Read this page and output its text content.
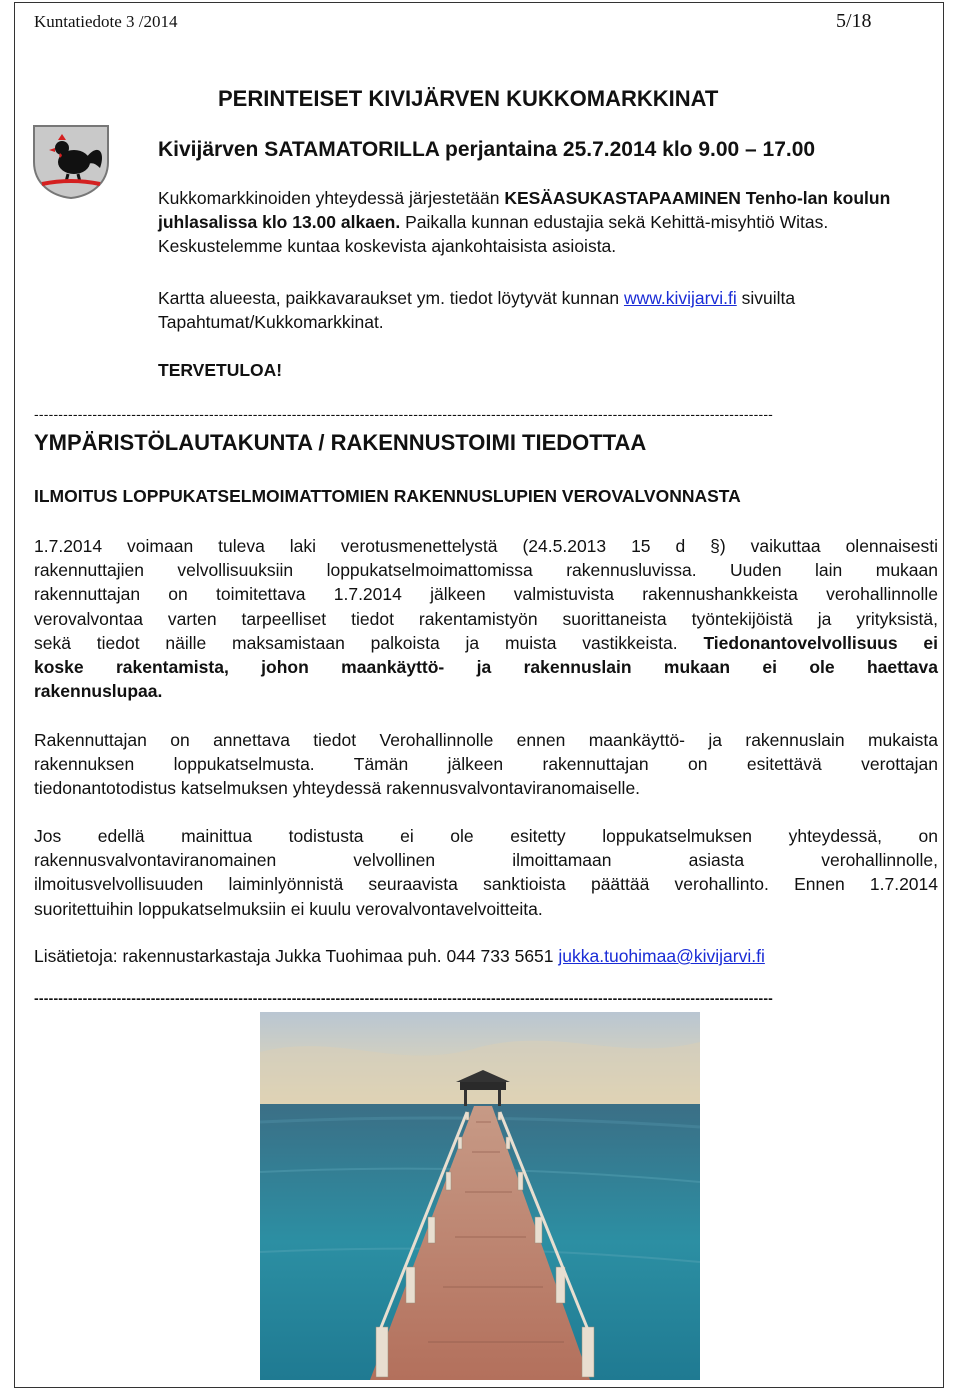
Kuntatiedote 3 /2014	5/18
PERINTEISET KIVIJÄRVEN KUKKOMARKKINAT
Kivijärven SATAMATORILLA perjantaina 25.7.2014 klo 9.00 – 17.00
Kukkomarkkinoiden yhteydessä järjestetään KESÄASUKASTAPAAMINEN Tenho-lan koulun juhlasalissa klo 13.00 alkaen. Paikalla kunnan edustajia sekä Kehittä-misyhtiö Witas. Keskustelemme kuntaa koskevista ajankohtaisista asioista.
Kartta alueesta, paikkavaraukset ym. tiedot löytyvät kunnan www.kivijarvi.fi sivuilta Tapahtumat/Kukkomarkkinat.
TERVETULOA!
--------------------------------------------------------------------------------------------------------------------------------------------------------
YMPÄRISTÖLAUTAKUNTA / RAKENNUSTOIMI TIEDOTTAA
ILMOITUS LOPPUKATSELMOIMATTOMIEN RAKENNUSLUPIEN VEROVALVONNASTA
1.7.2014 voimaan tuleva laki verotusmenettelystä (24.5.2013 15 d §) vaikuttaa olennaisesti
rakennuttajien velvollisuuksiin loppukatselmoimattomissa rakennusluvissa. Uuden lain mukaan
rakennuttajan on toimitettava 1.7.2014 jälkeen valmistuvista rakennushankkeista verohallinnolle
verovalvontaa varten tarpeelliset tiedot rakentamistyön suorittaneista työntekijöistä ja yrityksistä,
sekä tiedot näille maksamistaan palkoista ja muista vastikkeista. Tiedonantovelvollisuus ei
koske rakentamista, johon maankäyttö- ja rakennuslain mukaan ei ole haettava
rakennuslupaa.
Rakennuttajan on annettava tiedot Verohallinnolle ennen maankäyttö- ja rakennuslain mukaista
rakennuksen loppukatselmusta. Tämän jälkeen rakennuttajan on esitettävä verottajan
tiedonantotodistus katselmuksen yhteydessä rakennusvalvontaviranomaiselle.
Jos edellä mainittua todistusta ei ole esitetty loppukatselmuksen yhteydessä, on
rakennusvalvontaviranomainen velvollinen ilmoittamaan asiasta verohallinnolle,
ilmoitusvelvollisuuden laiminlyönnistä seuraavista sanktioista päättää verohallinto. Ennen 1.7.2014
suoritettuihin loppukatselmuksiin ei kuulu verovalvontavelvoitteita.
Lisätietoja: rakennustarkastaja Jukka Tuohimaa puh. 044 733 5651 jukka.tuohimaa@kivijarvi.fi
--------------------------------------------------------------------------------------------------------------------------------------------------------
